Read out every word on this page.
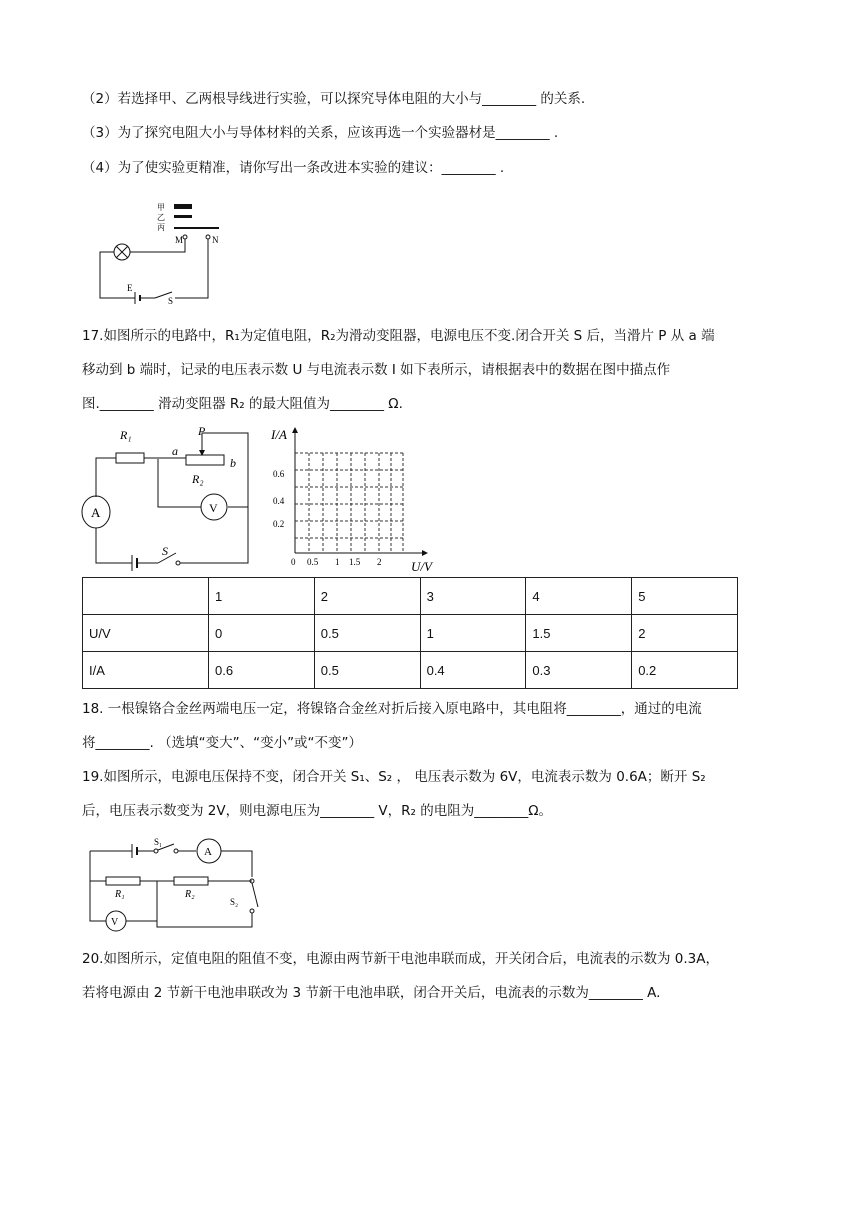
（2）若选择甲、乙两根导线进行实验，可以探究导体电阻的大小与________ 的关系.
（3）为了探究电阻大小与导体材料的关系，应该再选一个实验器材是________ .
（4）为了使实验更精准，请你写出一条改进本实验的建议：________ .
甲
乙
丙
M	N
E
S
17.如图所示的电路中，R₁为定值电阻，R₂为滑动变阻器，电源电压不变.闭合开关 S 后，当滑片 P 从 a 端
移动到 b 端时，记录的电压表示数 U 与电流表示数 I 如下表所示，请根据表中的数据在图中描点作
图.________ 滑动变阻器 R₂ 的最大阻值为________ Ω.
R₁	P
a
b
R₂
V
A
S
I/A
0.6
0.4
0.2
0 0.5 1 1.5 2 U/V
	1	2	3	4	5
U/V	0	0.5	1	1.5	2
I/A	0.6	0.5	0.4	0.3	0.2
18. 一根镍铬合金丝两端电压一定，将镍铬合金丝对折后接入原电路中，其电阻将________，通过的电流
将________. （选填“变大”、“变小”或“不变”）
19.如图所示，电源电压保持不变，闭合开关 S₁、S₂ ， 电压表示数为 6V，电流表示数为 0.6A；断开 S₂
后，电压表示数变为 2V，则电源电压为________ V，R₂ 的电阻为________Ω。
S₁
A
V
R₁	R₂
S₂
20.如图所示，定值电阻的阻值不变，电源由两节新干电池串联而成，开关闭合后，电流表的示数为 0.3A，
若将电源由 2 节新干电池串联改为 3 节新干电池串联，闭合开关后，电流表的示数为________ A.
